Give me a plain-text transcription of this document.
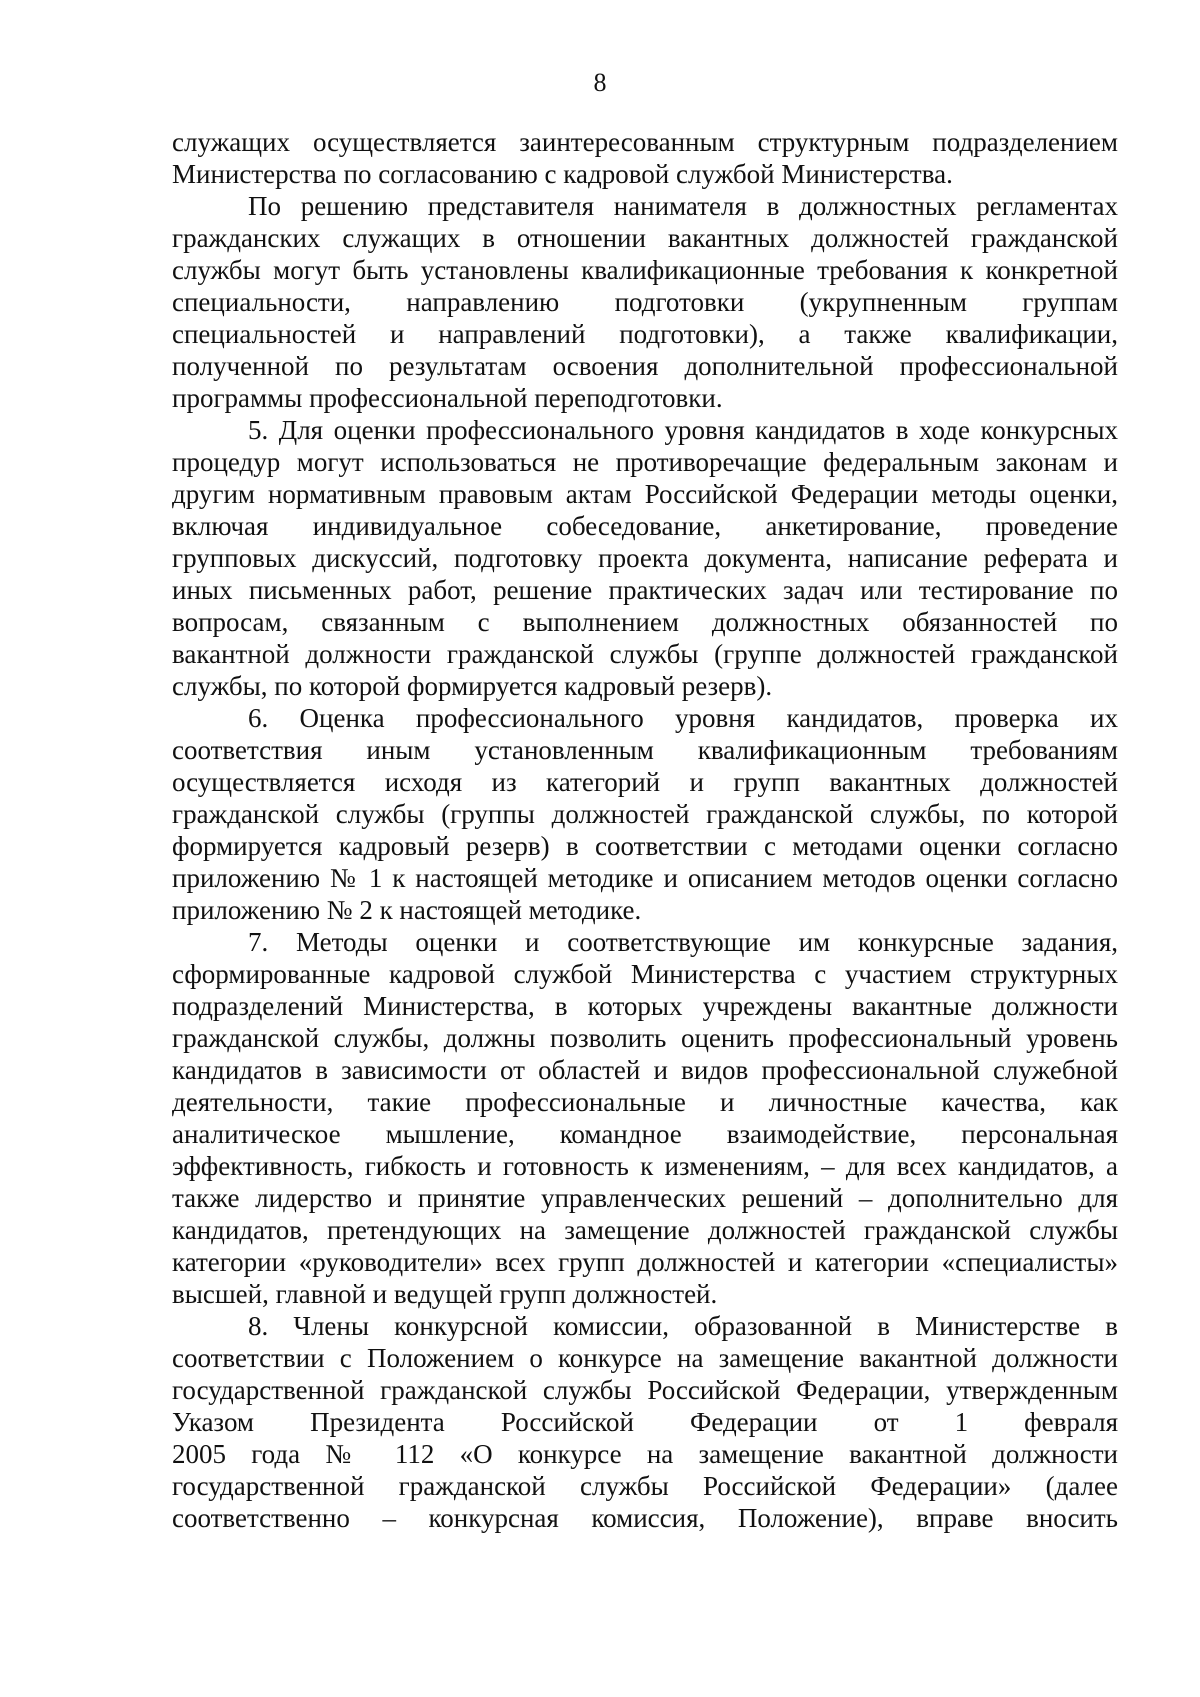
8
служащих осуществляется заинтересованным структурным подразделением
Министерства по согласованию с кадровой службой Министерства.
По решению представителя нанимателя в должностных регламентах
гражданских служащих в отношении вакантных должностей гражданской
службы могут быть установлены квалификационные требования к конкретной
специальности, направлению подготовки (укрупненным группам
специальностей и направлений подготовки), а также квалификации,
полученной по результатам освоения дополнительной профессиональной
программы профессиональной переподготовки.
5. Для оценки профессионального уровня кандидатов в ходе конкурсных
процедур могут использоваться не противоречащие федеральным законам и
другим нормативным правовым актам Российской Федерации методы оценки,
включая индивидуальное собеседование, анкетирование, проведение
групповых дискуссий, подготовку проекта документа, написание реферата и
иных письменных работ, решение практических задач или тестирование по
вопросам, связанным с выполнением должностных обязанностей по
вакантной должности гражданской службы (группе должностей гражданской
службы, по которой формируется кадровый резерв).
6. Оценка профессионального уровня кандидатов, проверка их
соответствия иным установленным квалификационным требованиям
осуществляется исходя из категорий и групп вакантных должностей
гражданской службы (группы должностей гражданской службы, по которой
формируется кадровый резерв) в соответствии с методами оценки согласно
приложению № 1 к настоящей методике и описанием методов оценки согласно
приложению № 2 к настоящей методике.
7. Методы оценки и соответствующие им конкурсные задания,
сформированные кадровой службой Министерства с участием структурных
подразделений Министерства, в которых учреждены вакантные должности
гражданской службы, должны позволить оценить профессиональный уровень
кандидатов в зависимости от областей и видов профессиональной служебной
деятельности, такие профессиональные и личностные качества, как
аналитическое мышление, командное взаимодействие, персональная
эффективность, гибкость и готовность к изменениям, – для всех кандидатов, а
также лидерство и принятие управленческих решений – дополнительно для
кандидатов, претендующих на замещение должностей гражданской службы
категории «руководители» всех групп должностей и категории «специалисты»
высшей, главной и ведущей групп должностей.
8. Члены конкурсной комиссии, образованной в Министерстве в
соответствии с Положением о конкурсе на замещение вакантной должности
государственной гражданской службы Российской Федерации, утвержденным
Указом Президента Российской Федерации от 1 февраля
2005 года № 112 «О конкурсе на замещение вакантной должности
государственной гражданской службы Российской Федерации» (далее
соответственно – конкурсная комиссия, Положение), вправе вносить
